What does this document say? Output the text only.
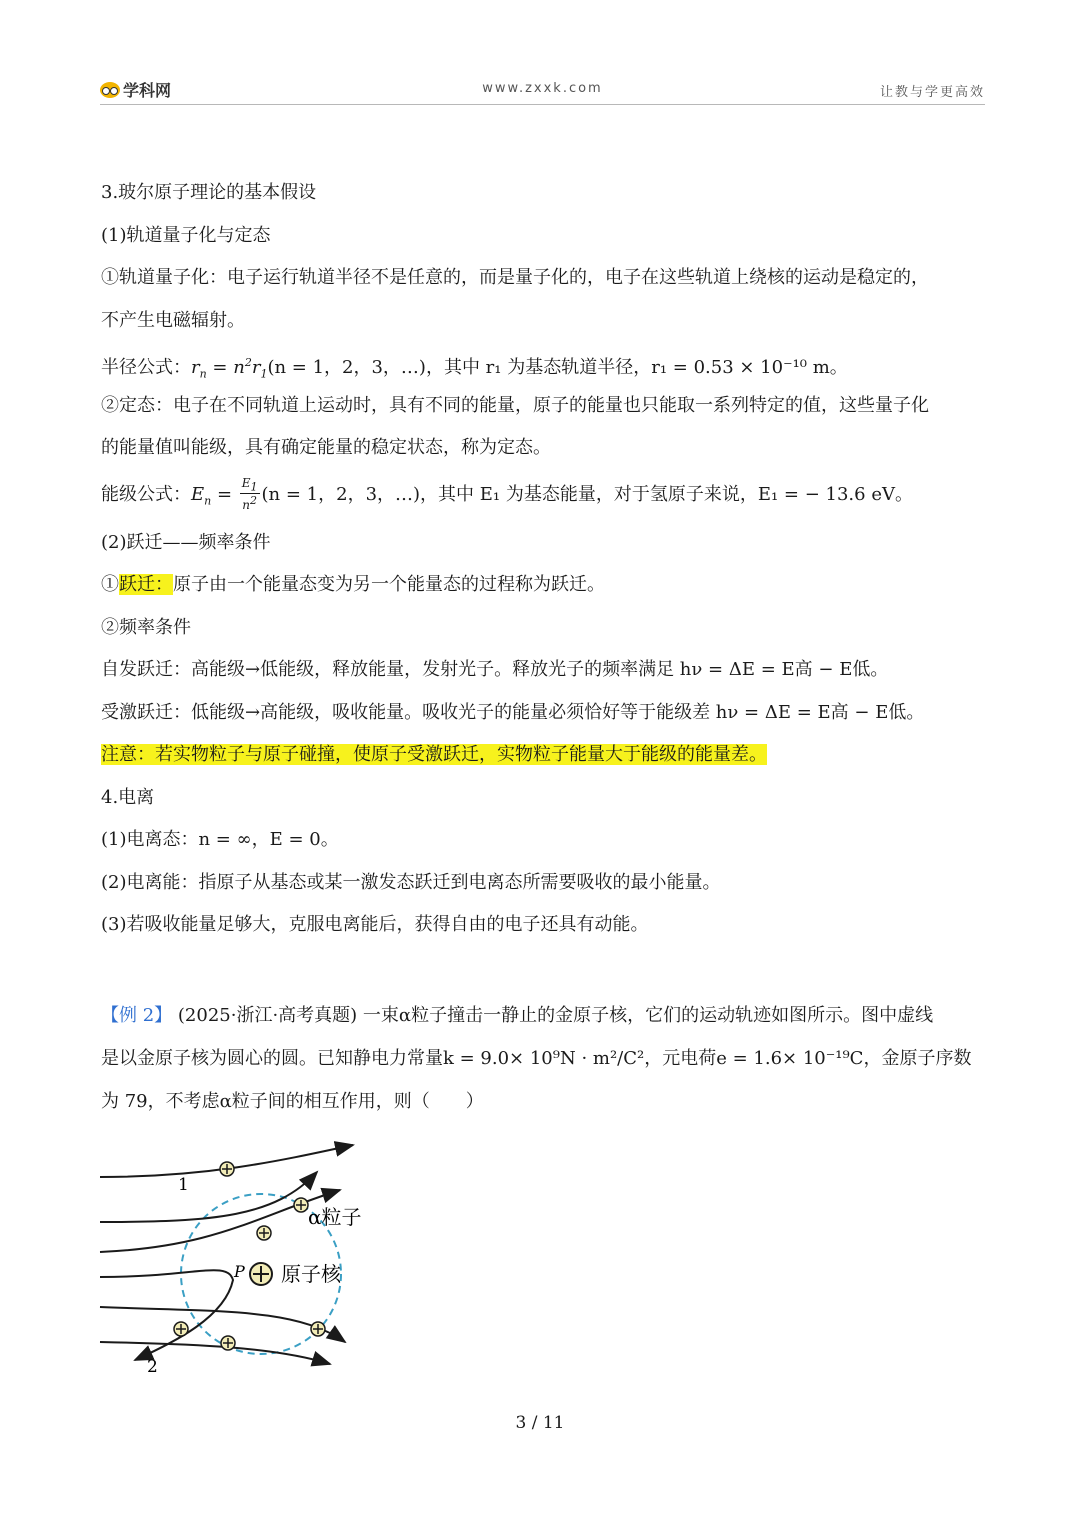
学科网	www.zxxk.com	让教与学更高效
3.玻尔原子理论的基本假设
(1)轨道量子化与定态
①轨道量子化：电子运行轨道半径不是任意的，而是量子化的，电子在这些轨道上绕核的运动是稳定的，
不产生电磁辐射。
半径公式：$r_n = n^2r_1(n = 1$，2，3，…)，其中 r₁ 为基态轨道半径，r₁ = 0.53 × 10⁻¹⁰ m。
②定态：电子在不同轨道上运动时，具有不同的能量，原子的能量也只能取一系列特定的值，这些量子化
的能量值叫能级，具有确定能量的稳定状态，称为定态。
能级公式：$E_n = \frac{E_1}{n^2} (n = 1$，2，3，…)，其中 E₁ 为基态能量，对于氢原子来说，E₁ = − 13.6 eV。
(2)跃迁——频率条件
①跃迁：原子由一个能量态变为另一个能量态的过程称为跃迁。
②频率条件
自发跃迁：高能级→低能级，释放能量，发射光子。释放光子的频率满足 hν = ΔE = E高 − E低。
受激跃迁：低能级→高能级，吸收能量。吸收光子的能量必须恰好等于能级差 hν = ΔE = E高 − E低。
注意：若实物粒子与原子碰撞，使原子受激跃迁，实物粒子能量大于能级的能量差。
4.电离
(1)电离态：n = ∞，E = 0。
(2)电离能：指原子从基态或某一激发态跃迁到电离态所需要吸收的最小能量。
(3)若吸收能量足够大，克服电离能后，获得自由的电子还具有动能。
【例 2】 (2025·浙江·高考真题) 一束α粒子撞击一静止的金原子核，它们的运动轨迹如图所示。图中虚线
是以金原子核为圆心的圆。已知静电力常量k = 9.0× 10⁹N · m²/C²，元电荷e = 1.6× 10⁻¹⁹C，金原子序数
为 79，不考虑α粒子间的相互作用，则（　　）
1
2
α粒子
原子核
P
3 / 11
